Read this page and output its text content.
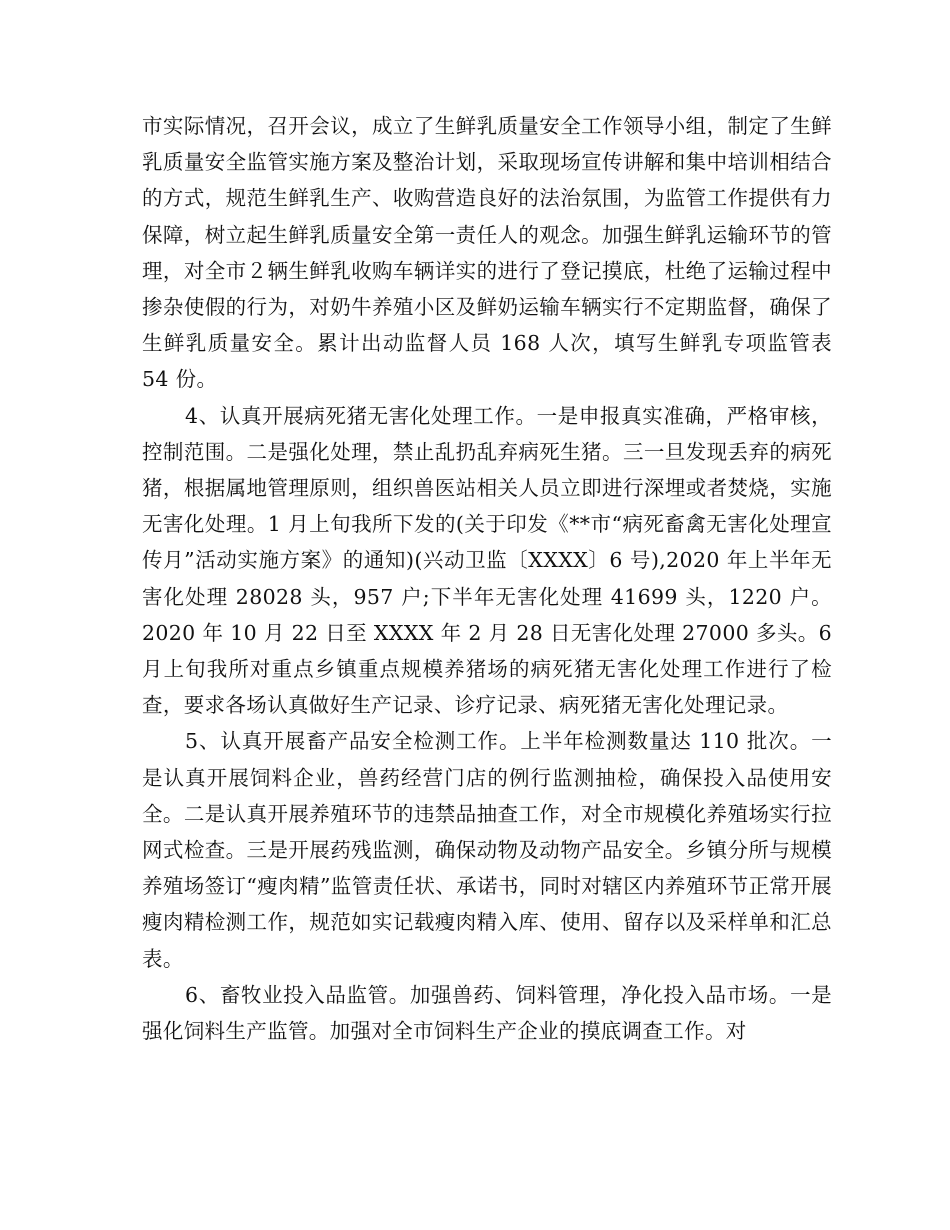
市实际情况，召开会议，成立了生鲜乳质量安全工作领导小组，制定了生鲜乳质量安全监管实施方案及整治计划，采取现场宣传讲解和集中培训相结合的方式，规范生鲜乳生产、收购营造良好的法治氛围，为监管工作提供有力保障，树立起生鲜乳质量安全第一责任人的观念。加强生鲜乳运输环节的管理，对全市２辆生鲜乳收购车辆详实的进行了登记摸底，杜绝了运输过程中掺杂使假的行为，对奶牛养殖小区及鲜奶运输车辆实行不定期监督，确保了生鲜乳质量安全。累计出动监督人员 168 人次，填写生鲜乳专项监管表 54 份。

4、认真开展病死猪无害化处理工作。一是申报真实准确，严格审核，控制范围。二是强化处理，禁止乱扔乱弃病死生猪。三一旦发现丢弃的病死猪，根据属地管理原则，组织兽医站相关人员立即进行深埋或者焚烧，实施无害化处理。1 月上旬我所下发的(关于印发《**市“病死畜禽无害化处理宣传月”活动实施方案》的通知)(兴动卫监〔XXXX〕6 号),2020 年上半年无害化处理 28028 头，957 户;下半年无害化处理 41699 头，1220 户。2020 年 10 月 22 日至 XXXX 年 2 月 28 日无害化处理 27000 多头。6 月上旬我所对重点乡镇重点规模养猪场的病死猪无害化处理工作进行了检查，要求各场认真做好生产记录、诊疗记录、病死猪无害化处理记录。

5、认真开展畜产品安全检测工作。上半年检测数量达 110 批次。一是认真开展饲料企业，兽药经营门店的例行监测抽检，确保投入品使用安全。二是认真开展养殖环节的违禁品抽查工作，对全市规模化养殖场实行拉网式检查。三是开展药残监测，确保动物及动物产品安全。乡镇分所与规模养殖场签订“瘦肉精”监管责任状、承诺书，同时对辖区内养殖环节正常开展瘦肉精检测工作，规范如实记载瘦肉精入库、使用、留存以及采样单和汇总表。

6、畜牧业投入品监管。加强兽药、饲料管理，净化投入品市场。一是强化饲料生产监管。加强对全市饲料生产企业的摸底调查工作。对
